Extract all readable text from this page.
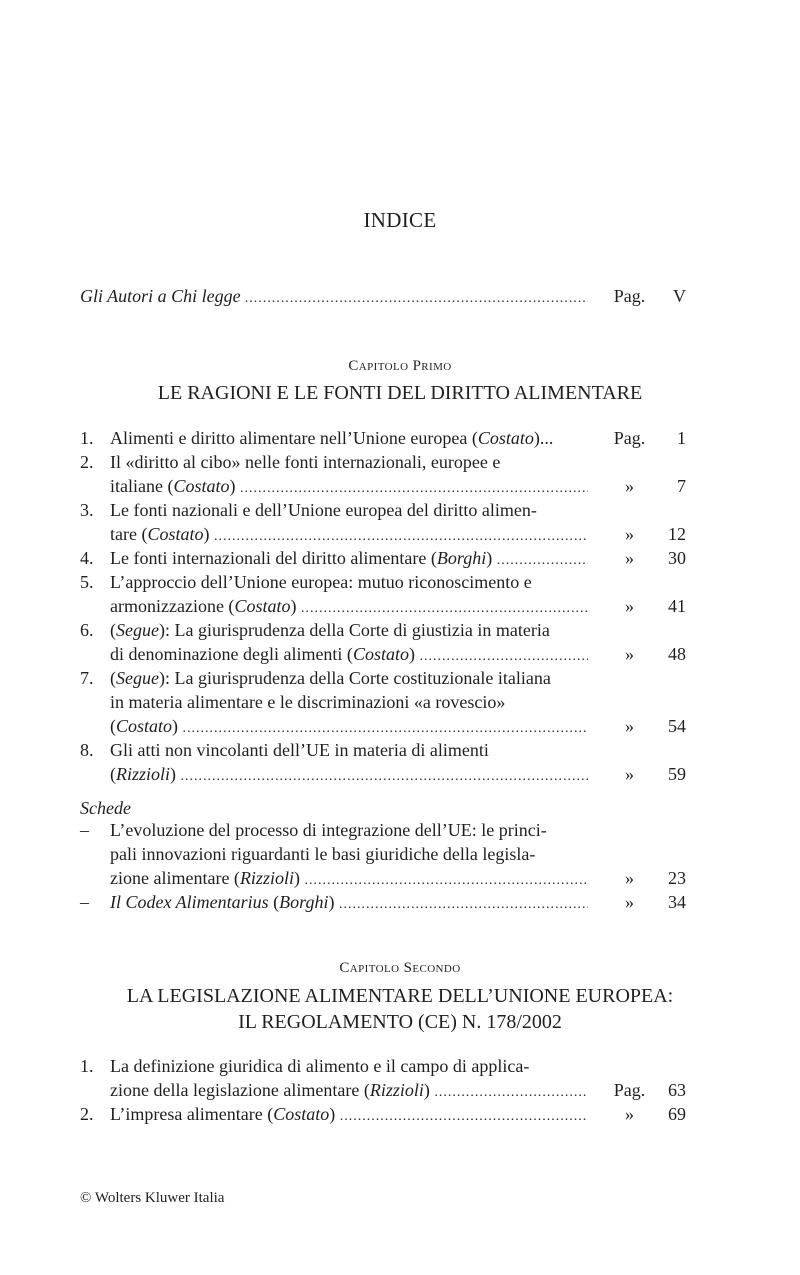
INDICE
Gli Autori a Chi legge .....	Pag.	V
Capitolo Primo
LE RAGIONI E LE FONTI DEL DIRITTO ALIMENTARE
1. Alimenti e diritto alimentare nell’Unione europea (Costato)...	Pag.	1
2. Il «diritto al cibo» nelle fonti internazionali, europee e
italiane (Costato) .....	»	7
3. Le fonti nazionali e dell’Unione europea del diritto alimen-
tare (Costato) .....	»	12
4. Le fonti internazionali del diritto alimentare (Borghi) .....	»	30
5. L’approccio dell’Unione europea: mutuo riconoscimento e
armonizzazione (Costato) .....	»	41
6. (Segue): La giurisprudenza della Corte di giustizia in materia
di denominazione degli alimenti (Costato) .....	»	48
7. (Segue): La giurisprudenza della Corte costituzionale italiana
in materia alimentare e le discriminazioni «a rovescio»
(Costato) .....	»	54
8. Gli atti non vincolanti dell’UE in materia di alimenti
(Rizzioli) .....	»	59
Schede
– L’evoluzione del processo di integrazione dell’UE: le princi-
pali innovazioni riguardanti le basi giuridiche della legisla-
zione alimentare (Rizzioli) .....	»	23
– Il Codex Alimentarius (Borghi) .....	»	34
Capitolo Secondo
LA LEGISLAZIONE ALIMENTARE DELL’UNIONE EUROPEA:
IL REGOLAMENTO (CE) N. 178/2002
1. La definizione giuridica di alimento e il campo di applica-
zione della legislazione alimentare (Rizzioli) .....	Pag.	63
2. L’impresa alimentare (Costato) .....	»	69
© Wolters Kluwer Italia
